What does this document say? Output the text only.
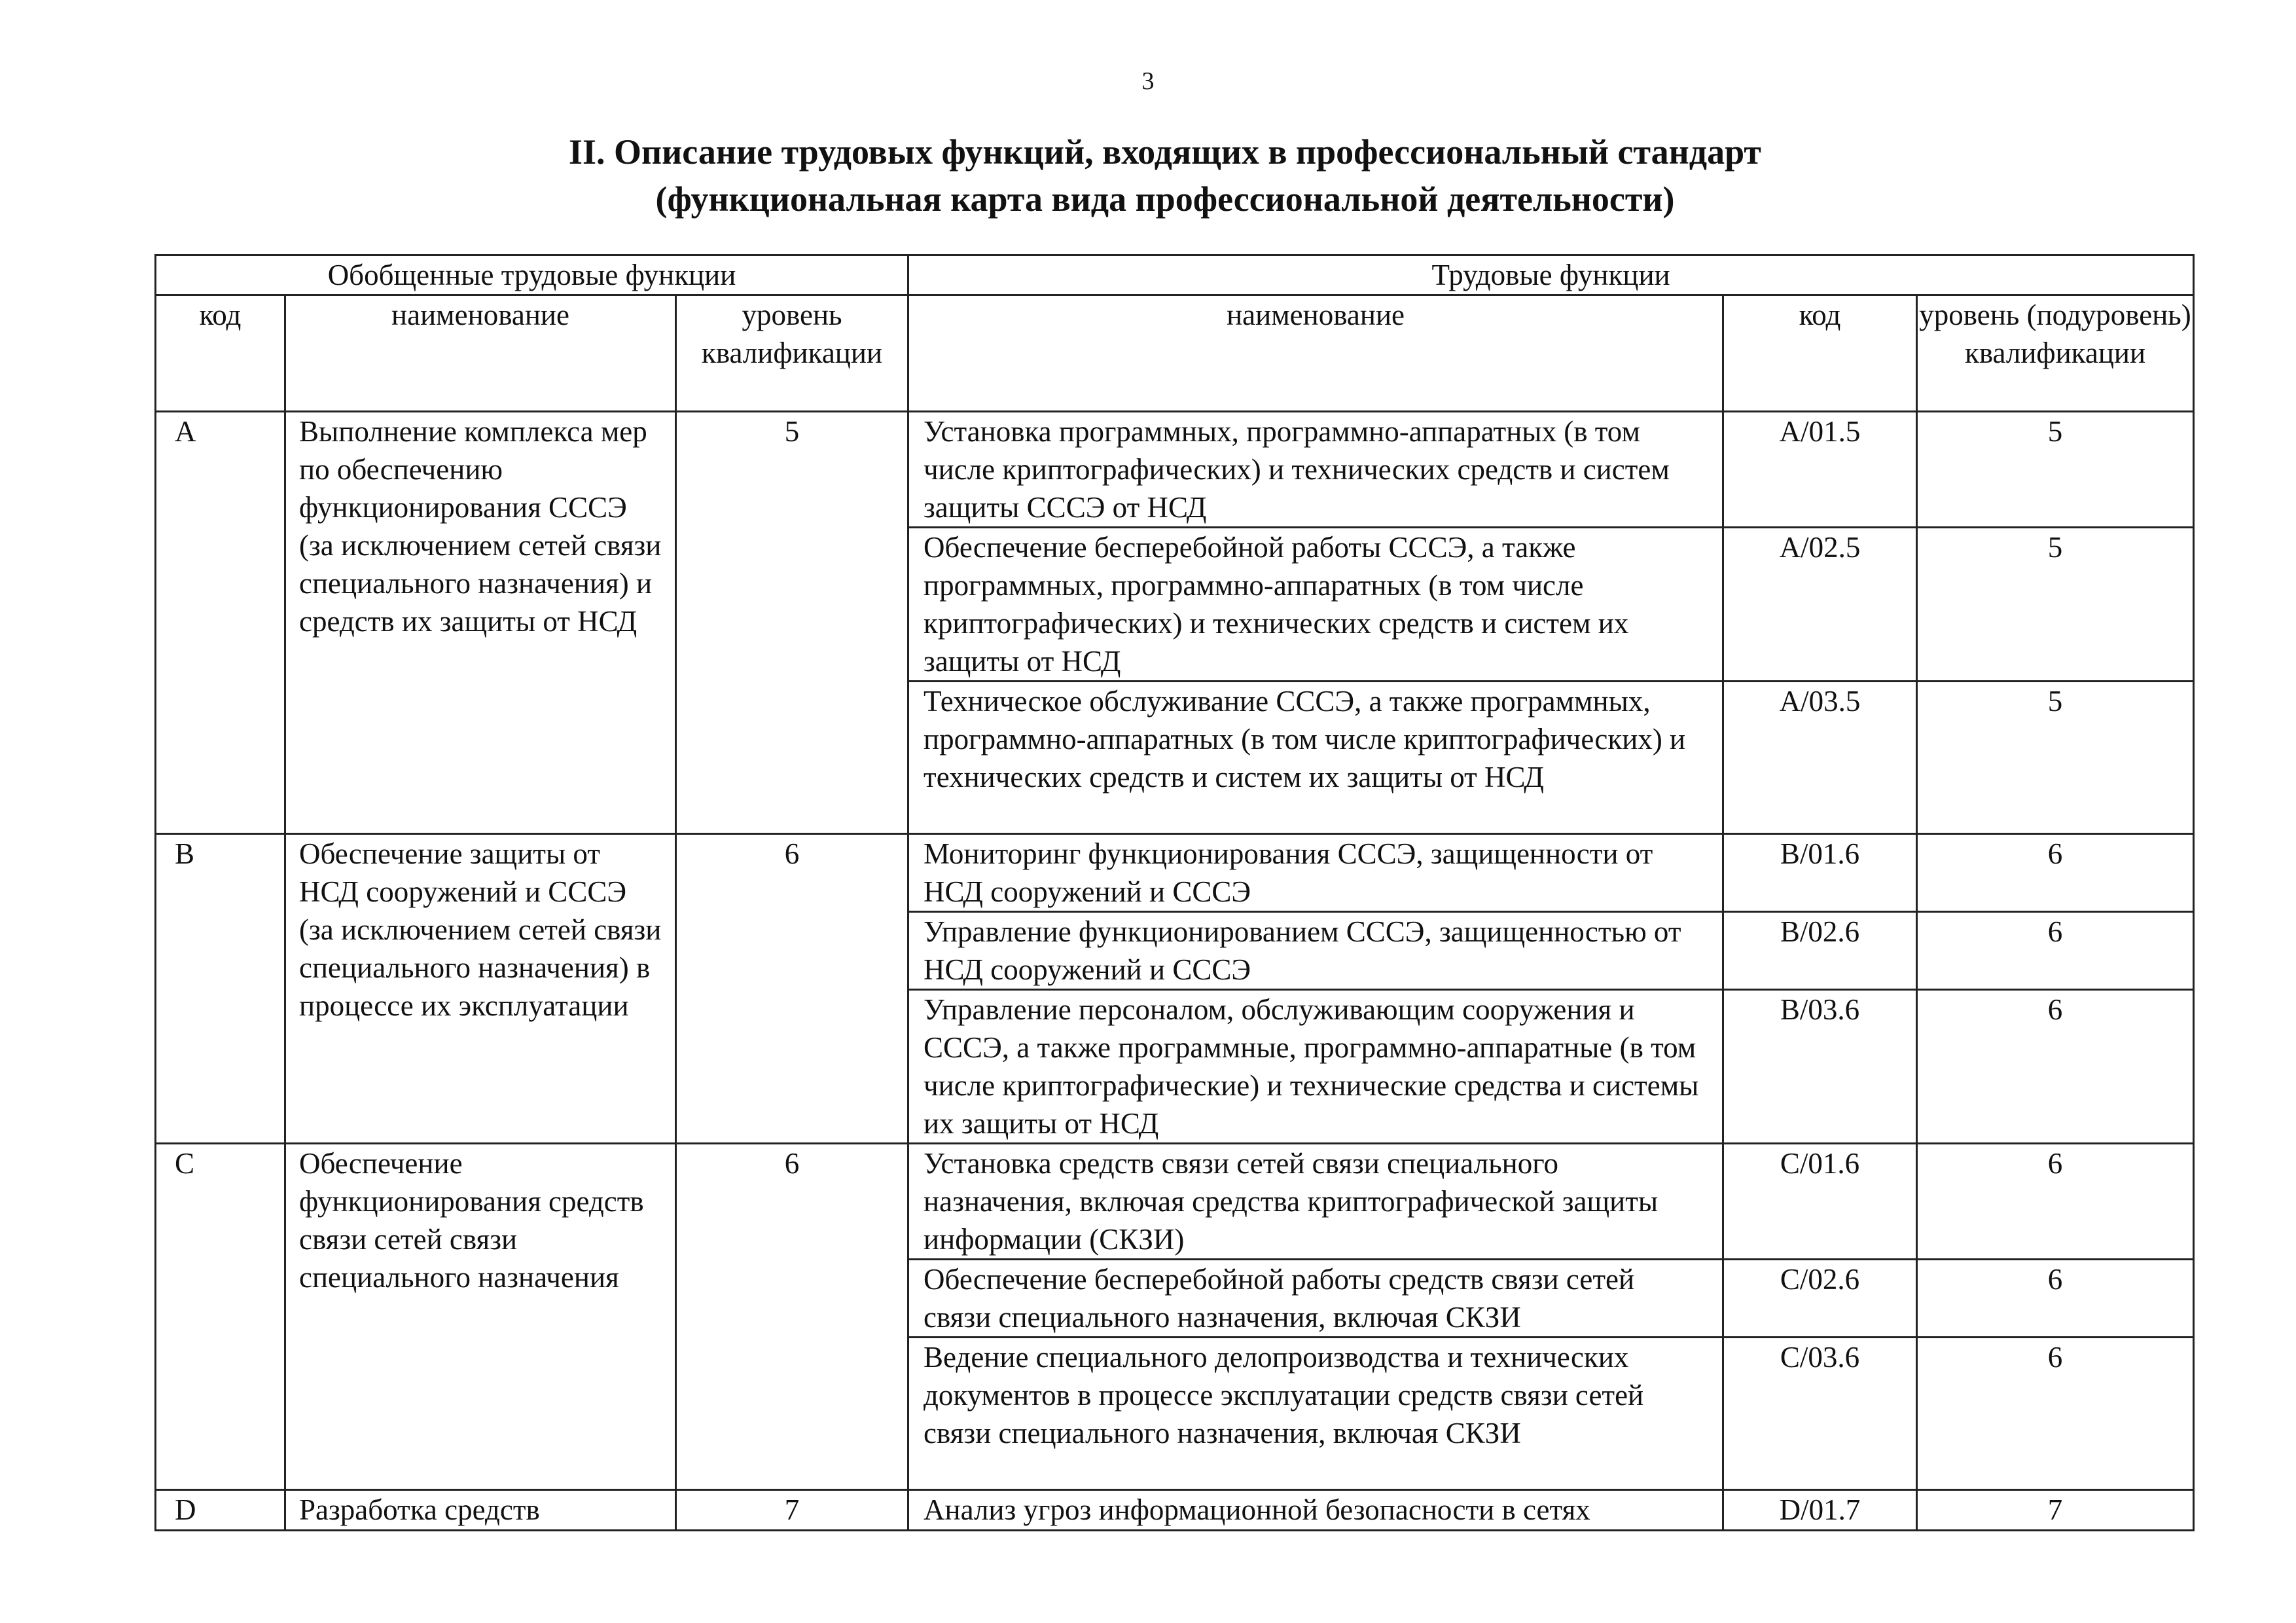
3
II. Описание трудовых функций, входящих в профессиональный стандарт
(функциональная карта вида профессиональной деятельности)
Обобщенные трудовые функции			Трудовые функции		
код	наименование	уровень квалификации	наименование	код	уровень (подуровень) квалификации
A	Выполнение комплекса мер по обеспечению функционирования СССЭ (за исключением сетей связи специального назначения) и средств их защиты от НСД	5	Установка программных, программно-аппаратных (в том числе криптографических) и технических средств и систем защиты СССЭ от НСД	A/01.5	5
			Обеспечение бесперебойной работы СССЭ, а также программных, программно-аппаратных (в том числе криптографических) и технических средств и систем их защиты от НСД	A/02.5	5
			Техническое обслуживание СССЭ, а также программных, программно-аппаратных (в том числе криптографических) и технических средств и систем их защиты от НСД	A/03.5	5
B	Обеспечение защиты от НСД сооружений и СССЭ (за исключением сетей связи специального назначения) в процессе их эксплуатации	6	Мониторинг функционирования СССЭ, защищенности от НСД сооружений и СССЭ	B/01.6	6
			Управление функционированием СССЭ, защищенностью от НСД сооружений и СССЭ	B/02.6	6
			Управление персоналом, обслуживающим сооружения и СССЭ, а также программные, программно-аппаратные (в том числе криптографические) и технические средства и системы их защиты от НСД	B/03.6	6
C	Обеспечение функционирования средств связи сетей связи специального назначения	6	Установка средств связи сетей связи специального назначения, включая средства криптографической защиты информации (СКЗИ)	C/01.6	6
			Обеспечение бесперебойной работы средств связи сетей связи специального назначения, включая СКЗИ	C/02.6	6
			Ведение специального делопроизводства и технических документов в процессе эксплуатации средств связи сетей связи специального назначения, включая СКЗИ	C/03.6	6
D	Разработка средств	7	Анализ угроз информационной безопасности в сетях	D/01.7	7
